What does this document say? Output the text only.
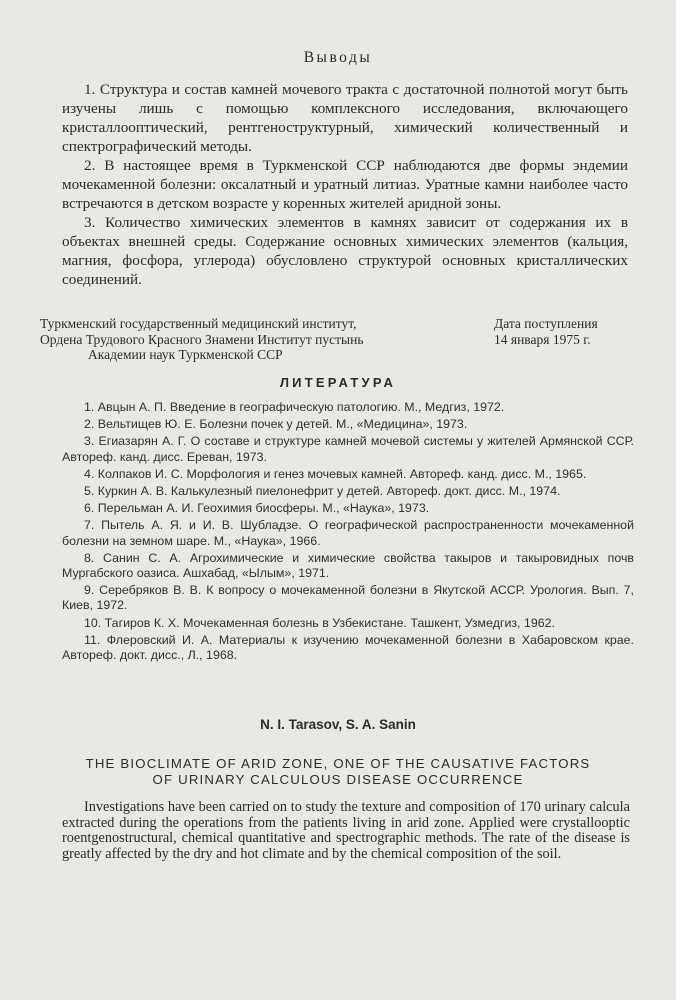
Выводы

1. Структура и состав камней мочевого тракта с достаточной полнотой могут быть изучены лишь с помощью комплексного исследования, включающего кристаллооптический, рентгеноструктурный, химический количественный и спектрографический методы.

2. В настоящее время в Туркменской ССР наблюдаются две формы эндемии мочекаменной болезни: оксалатный и уратный литиаз. Уратные камни наиболее часто встречаются в детском возрасте у коренных жителей аридной зоны.

3. Количество химических элементов в камнях зависит от содержания их в объектах внешней среды. Содержание основных химических элементов (кальция, магния, фосфора, углерода) обусловлено структурой основных кристаллических соединений.

Туркменский государственный медицинский институт,
Ордена Трудового Красного Знамени Институт пустынь
Академии наук Туркменской ССР
Дата поступления
14 января 1975 г.
ЛИТЕРАТУРА
1. Авцын А. П. Введение в географическую патологию. М., Медгиз, 1972.
2. Вельтищев Ю. Е. Болезни почек у детей. М., «Медицина», 1973.
3. Егиазарян А. Г. О составе и структуре камней мочевой системы у жителей Армянской ССР. Автореф. канд. дисс. Ереван, 1973.
4. Колпаков И. С. Морфология и генез мочевых камней. Автореф. канд. дисс. М., 1965.
5. Куркин А. В. Калькулезный пиелонефрит у детей. Автореф. докт. дисс. М., 1974.
6. Перельман А. И. Геохимия биосферы. М., «Наука», 1973.
7. Пытель А. Я. и И. В. Шубладзе. О географической распространенности мочекаменной болезни на земном шаре. М., «Наука», 1966.
8. Санин С. А. Агрохимические и химические свойства такыров и такыровидных почв Мургабского оазиса. Ашхабад, «Ылым», 1971.
9. Серебряков В. В. К вопросу о мочекаменной болезни в Якутской АССР. Урология. Вып. 7, Киев, 1972.
10. Тагиров К. Х. Мочекаменная болезнь в Узбекистане. Ташкент, Узмедгиз, 1962.
11. Флеровский И. А. Материалы к изучению мочекаменной болезни в Хабаровском крае. Автореф. докт. дисс., Л., 1968.
N. I. Tarasov, S. A. Sanin
THE BIOCLIMATE OF ARID ZONE, ONE OF THE CAUSATIVE FACTORS
OF URINARY CALCULOUS DISEASE OCCURRENCE

Investigations have been carried on to study the texture and composition of 170 urinary calcula extracted during the operations from the patients living in arid zone. Applied were crystallooptic roentgenostructural, chemical quantitative and spectrographic methods. The rate of the disease is greatly affected by the dry and hot climate and by the chemical composition of the soil.
